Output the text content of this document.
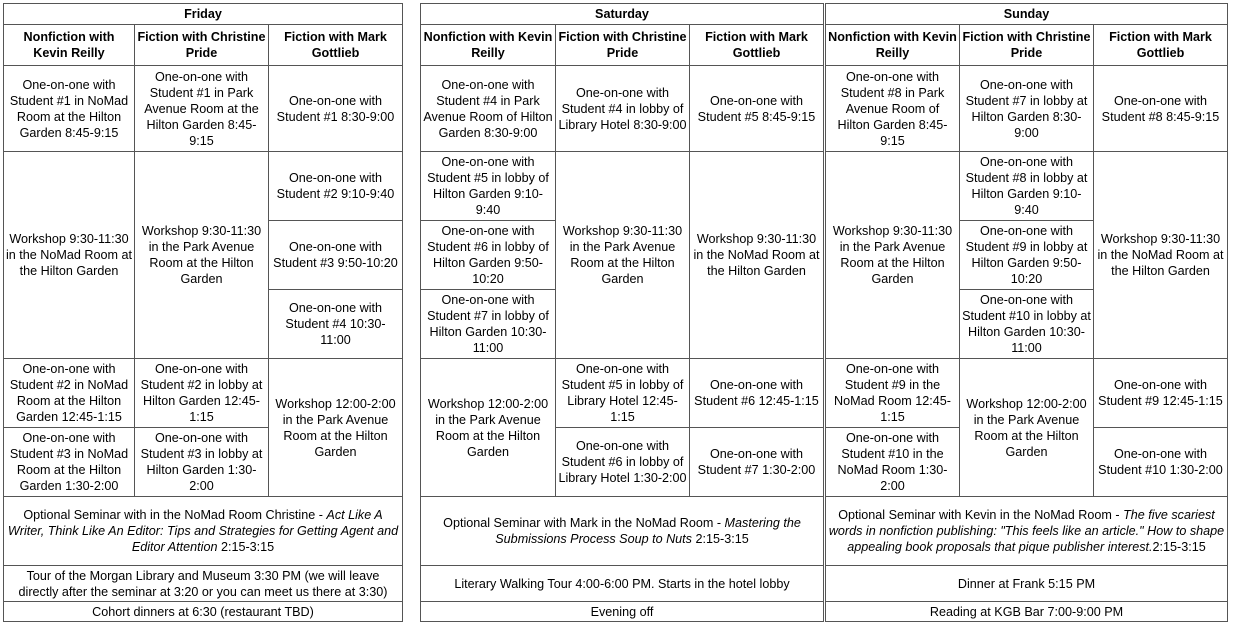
Friday		
Nonfiction with Kevin Reilly	Fiction with Christine Pride	Fiction with Mark Gottlieb
One-on-one with Student #1 in NoMad Room at the Hilton Garden 8:45-9:15	One-on-one with Student #1 in Park Avenue Room at the Hilton Garden 8:45-9:15	One-on-one with Student #1 8:30-9:00
Workshop 9:30-11:30 in the NoMad Room at the Hilton Garden	Workshop 9:30-11:30 in the Park Avenue Room at the Hilton Garden	One-on-one with Student #2 9:10-9:40
		One-on-one with Student #3 9:50-10:20
		One-on-one with Student #4 10:30-11:00
One-on-one with Student #2 in NoMad Room at the Hilton Garden 12:45-1:15	One-on-one with Student #2 in lobby at Hilton Garden 12:45-1:15	Workshop 12:00-2:00 in the Park Avenue Room at the Hilton Garden
One-on-one with Student #3 in NoMad Room at the Hilton Garden 1:30-2:00	One-on-one with Student #3 in lobby at Hilton Garden 1:30-2:00	
Optional Seminar with in the NoMad Room Christine - Act Like A Writer, Think Like An Editor: Tips and Strategies for Getting Agent and Editor Attention 2:15-3:15		
Tour of the Morgan Library and Museum 3:30 PM (we will leave directly after the seminar at 3:20 or you can meet us there at 3:30)		
Cohort dinners at 6:30 (restaurant TBD)		
Saturday		
Nonfiction with Kevin Reilly	Fiction with Christine Pride	Fiction with Mark Gottlieb
One-on-one with Student #4 in Park Avenue Room of Hilton Garden 8:30-9:00	One-on-one with Student #4 in lobby of Library Hotel 8:30-9:00	One-on-one with Student #5 8:45-9:15
One-on-one with Student #5 in lobby of Hilton Garden 9:10-9:40	Workshop 9:30-11:30 in the Park Avenue Room at the Hilton Garden	Workshop 9:30-11:30 in the NoMad Room at the Hilton Garden
One-on-one with Student #6 in lobby of Hilton Garden 9:50-10:20		
One-on-one with Student #7 in lobby of Hilton Garden 10:30-11:00		
Workshop 12:00-2:00 in the Park Avenue Room at the Hilton Garden	One-on-one with Student #5 in lobby of Library Hotel 12:45-1:15	One-on-one with Student #6 12:45-1:15
	One-on-one with Student #6 in lobby of Library Hotel 1:30-2:00	One-on-one with Student #7 1:30-2:00
Optional Seminar with Mark in the NoMad Room - Mastering the Submissions Process Soup to Nuts 2:15-3:15		
Literary Walking Tour 4:00-6:00 PM. Starts in the hotel lobby		
Evening off		
Sunday		
Nonfiction with Kevin Reilly	Fiction with Christine Pride	Fiction with Mark Gottlieb
One-on-one with Student #8 in Park Avenue Room of Hilton Garden 8:45-9:15	One-on-one with Student #7 in lobby at Hilton Garden 8:30-9:00	One-on-one with Student #8 8:45-9:15
Workshop 9:30-11:30 in the Park Avenue Room at the Hilton Garden	One-on-one with Student #8 in lobby at Hilton Garden 9:10-9:40	Workshop 9:30-11:30 in the NoMad Room at the Hilton Garden
	One-on-one with Student #9 in lobby at Hilton Garden 9:50-10:20	
	One-on-one with Student #10 in lobby at Hilton Garden 10:30-11:00	
One-on-one with Student #9 in the NoMad Room 12:45-1:15	Workshop 12:00-2:00 in the Park Avenue Room at the Hilton Garden	One-on-one with Student #9 12:45-1:15
One-on-one with Student #10 in the NoMad Room 1:30-2:00		One-on-one with Student #10 1:30-2:00
Optional Seminar with Kevin in the NoMad Room - The five scariest words in nonfiction publishing: "This feels like an article." How to shape appealing book proposals that pique publisher interest.2:15-3:15		
Dinner at Frank 5:15 PM		
Reading at KGB Bar 7:00-9:00 PM		
